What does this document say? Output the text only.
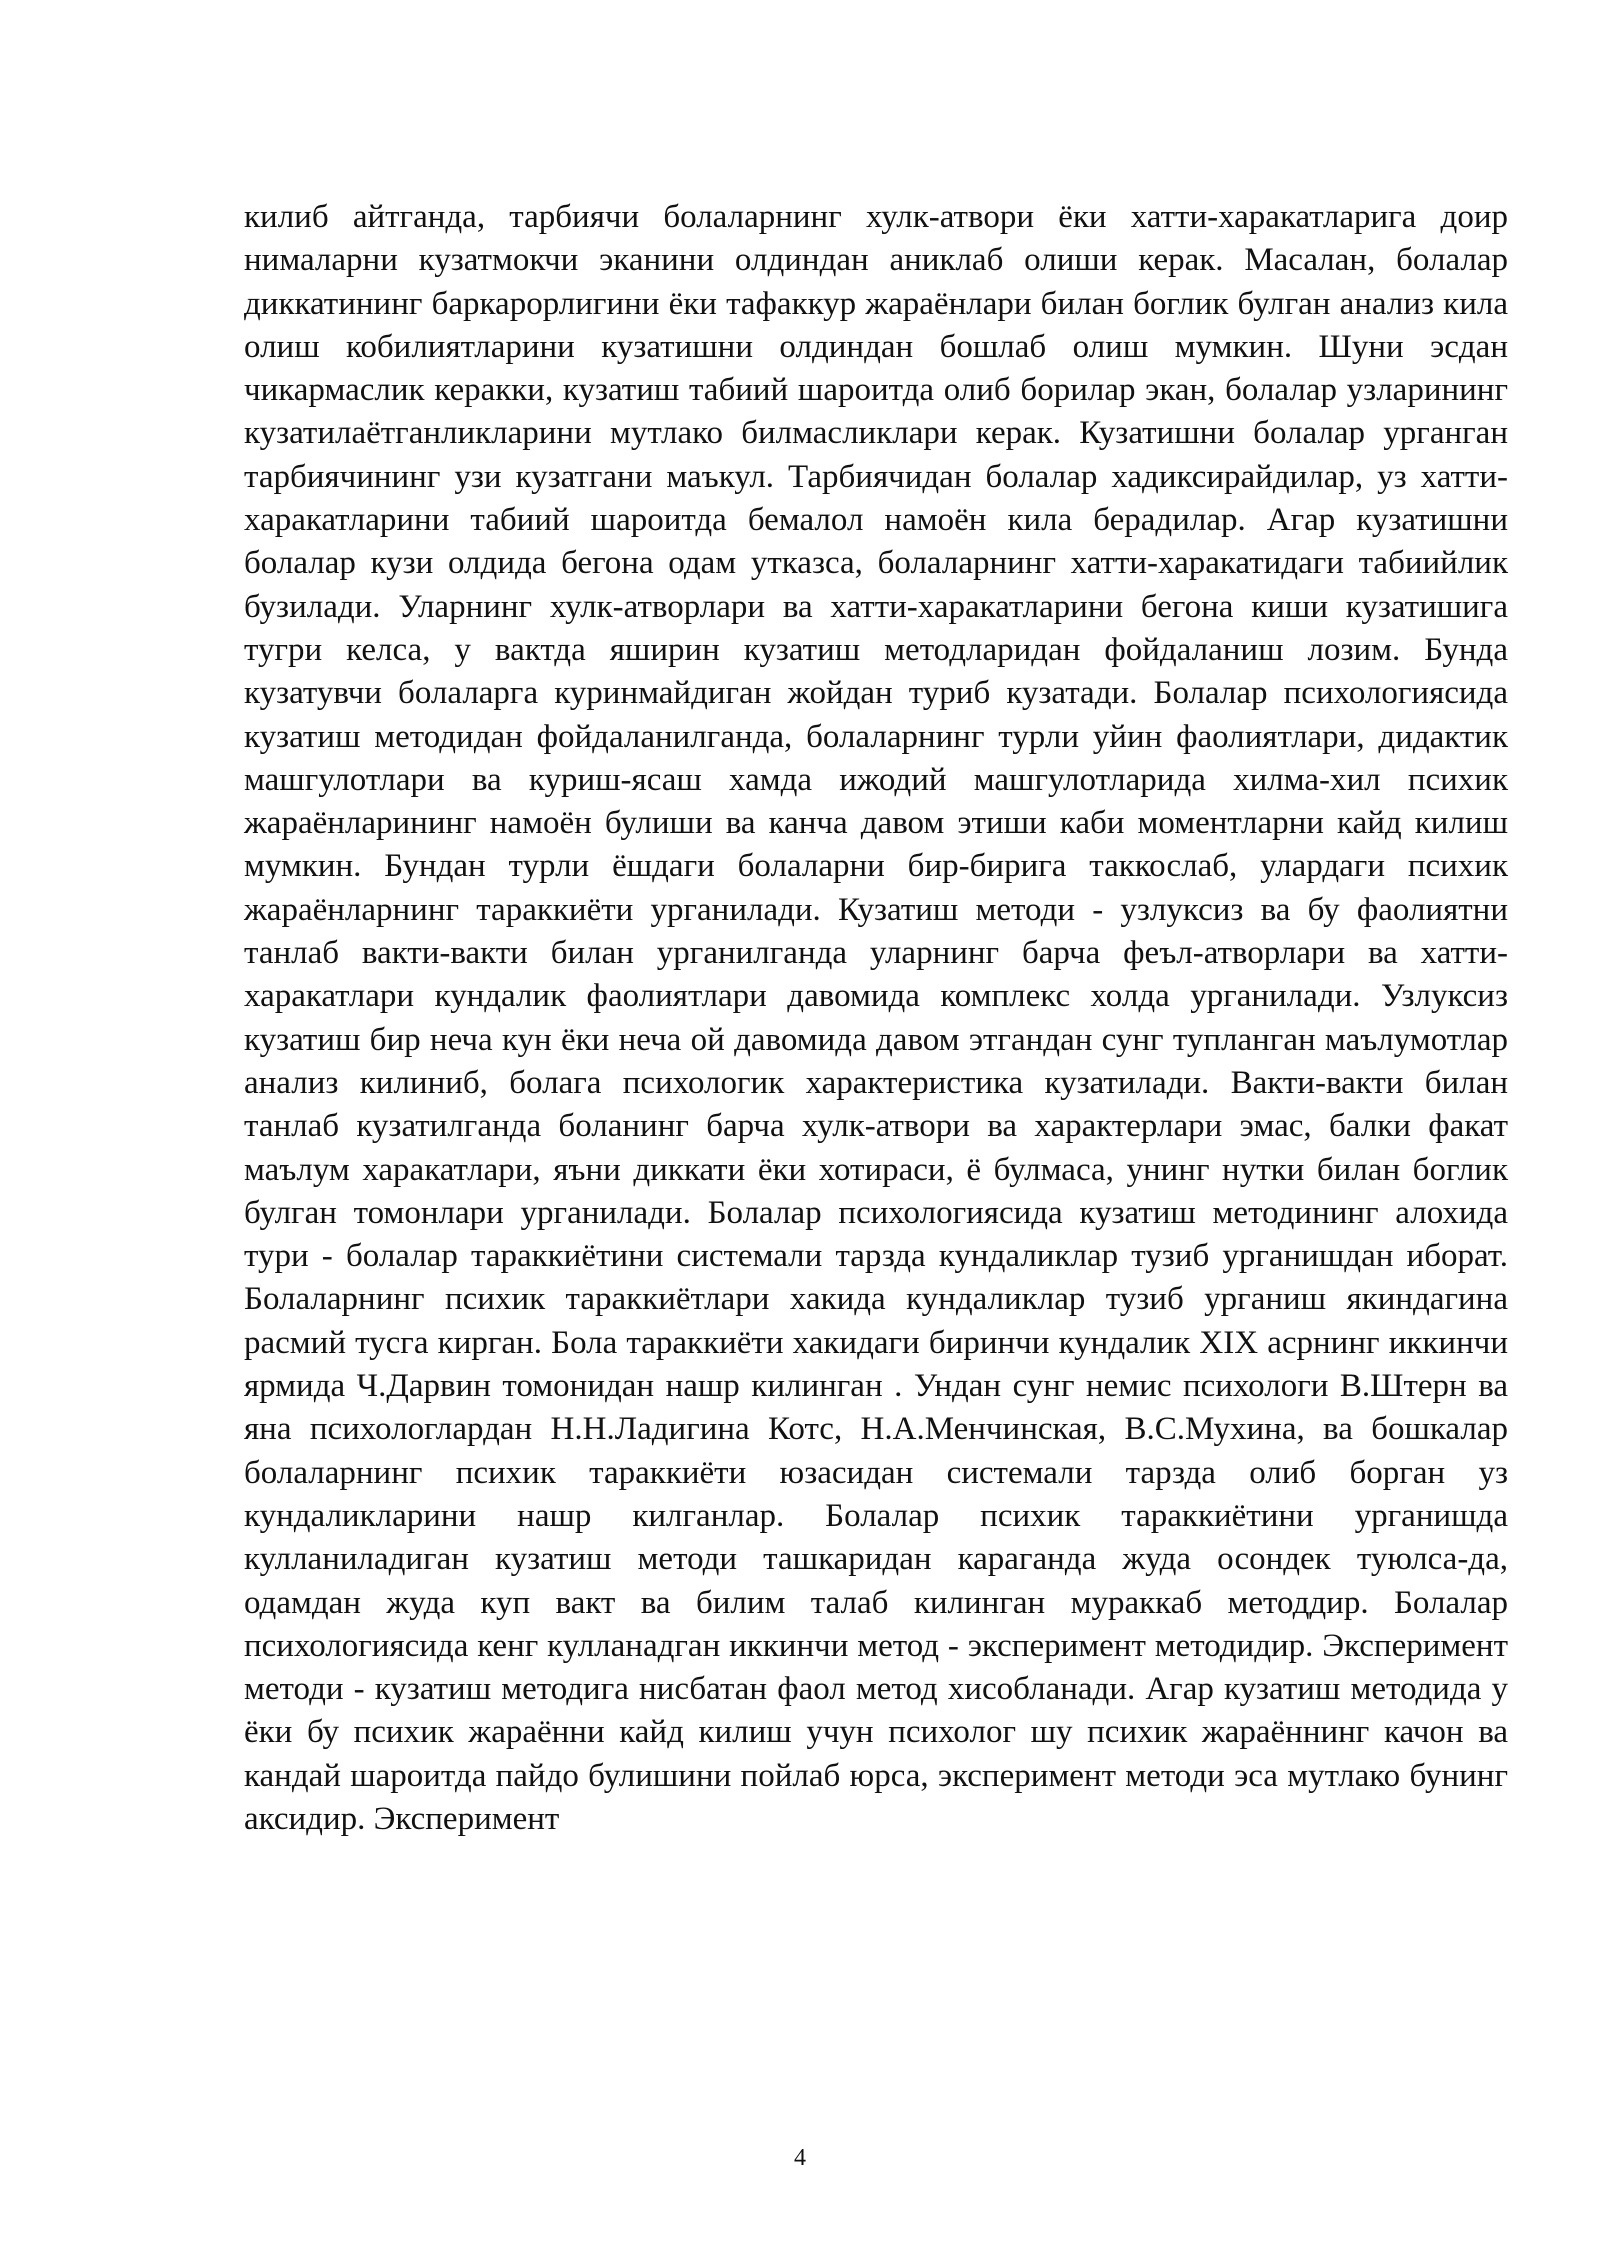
килиб айтганда, тарбиячи болаларнинг хулк-атвори ёки хатти-харакатларига доир нималарни кузатмокчи эканини олдиндан аниклаб олиши керак. Масалан, болалар диккатининг баркарорлигини ёки тафаккур жараёнлари билан боглик булган анализ кила олиш кобилиятларини кузатишни олдиндан бошлаб олиш мумкин. Шуни эсдан чикармаслик керакки, кузатиш табиий шароитда олиб борилар экан, болалар узларининг кузатилаётганликларини мутлако билмасликлари керак. Кузатишни болалар урганган тарбиячининг узи кузатгани маъкул. Тарбиячидан болалар хадиксирайдилар, уз хатти-харакатларини табиий шароитда бемалол намоён кила берадилар. Агар кузатишни болалар кузи олдида бегона одам утказса, болаларнинг хатти-харакатидаги табиийлик бузилади. Уларнинг хулк-атворлари ва хатти-харакатларини бегона киши кузатишига тугри келса, у вактда яширин кузатиш методларидан фойдаланиш лозим. Бунда кузатувчи болаларга куринмайдиган жойдан туриб кузатади. Болалар психологиясида кузатиш методидан фойдаланилганда, болаларнинг турли уйин фаолиятлари, дидактик машгулотлари ва куриш-ясаш хамда ижодий машгулотларида хилма-хил психик жараёнларининг намоён булиши ва канча давом этиши каби моментларни кайд килиш мумкин. Бундан турли ёшдаги болаларни бир-бирига таккослаб, улардаги психик жараёнларнинг тараккиёти урганилади. Кузатиш методи - узлуксиз ва бу фаолиятни танлаб вакти-вакти билан урганилганда уларнинг барча феъл-атворлари ва хатти-харакатлари кундалик фаолиятлари давомида комплекс холда урганилади. Узлуксиз кузатиш бир неча кун ёки неча ой давомида давом этгандан сунг тупланган маълумотлар анализ килиниб, болага психологик характеристика кузатилади. Вакти-вакти билан танлаб кузатилганда боланинг барча хулк-атвори ва характерлари эмас, балки факат маълум харакатлари, яъни диккати ёки хотираси, ё булмаса, унинг нутки билан боглик булган томонлари урганилади. Болалар психологиясида кузатиш методининг алохида тури - болалар тараккиётини системали тарзда кундаликлар тузиб урганишдан иборат. Болаларнинг психик тараккиётлари хакида кундаликлар тузиб урганиш якиндагина расмий тусга кирган. Бола тараккиёти хакидаги биринчи кундалик XIX асрнинг иккинчи ярмида Ч.Дарвин томонидан нашр килинган . Ундан сунг немис психологи В.Штерн ва яна психологлардан Н.Н.Ладигина Котс, Н.А.Менчинская, В.С.Мухина, ва бошкалар болаларнинг психик тараккиёти юзасидан системали тарзда олиб борган уз кундаликларини нашр килганлар. Болалар психик тараккиётини урганишда кулланиладиган кузатиш методи ташкаридан караганда жуда осондек туюлса-да, одамдан жуда куп вакт ва билим талаб килинган мураккаб методдир. Болалар психологиясида кенг кулланадган иккинчи метод - эксперимент методидир. Эксперимент методи - кузатиш методига нисбатан фаол метод хисобланади. Агар кузатиш методида у ёки бу психик жараённи кайд килиш учун психолог шу психик жараённинг качон ва кандай шароитда пайдо булишини пойлаб юрса, эксперимент методи эса мутлако бунинг аксидир. Эксперимент

4
